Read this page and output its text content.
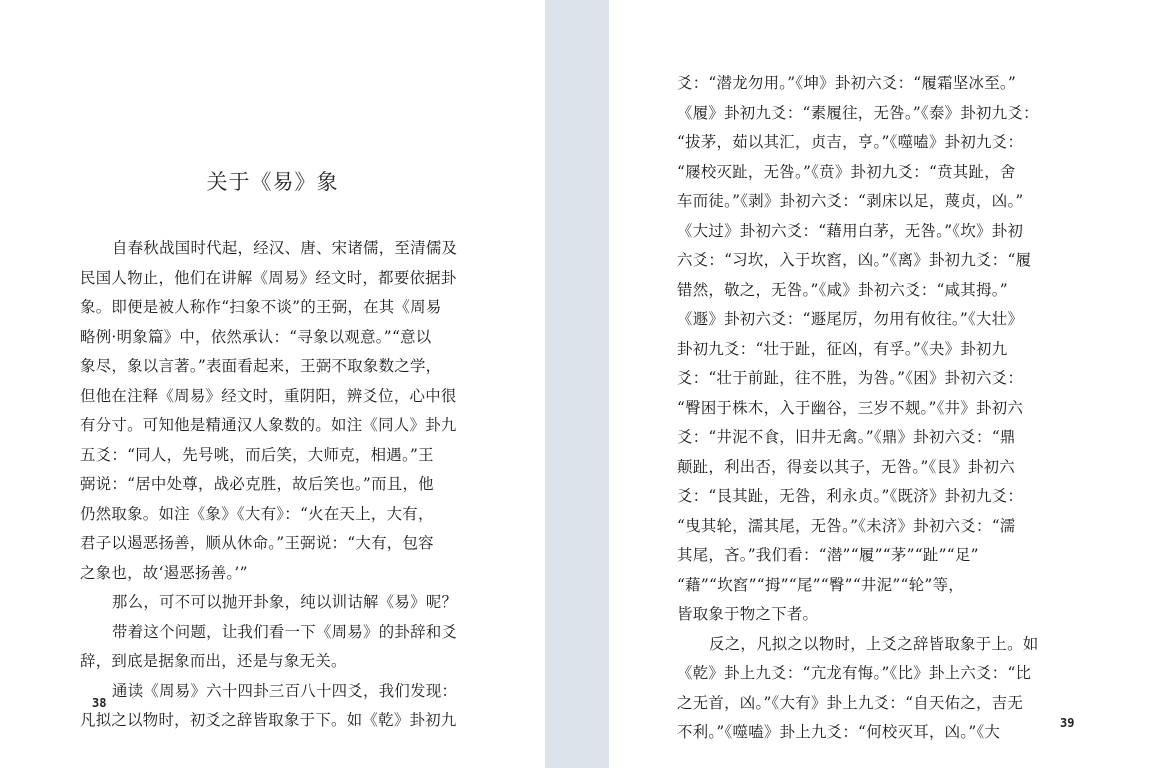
关于《易》象
自春秋战国时代起，经汉、唐、宋诸儒，至清儒及
民国人物止，他们在讲解《周易》经文时，都要依据卦
象。即便是被人称作“扫象不谈”的王弼，在其《周易
略例·明象篇》中，依然承认：“寻象以观意。”“意以
象尽，象以言著。”表面看起来，王弼不取象数之学，
但他在注释《周易》经文时，重阴阳，辨爻位，心中很
有分寸。可知他是精通汉人象数的。如注《同人》卦九
五爻：“同人，先号咷，而后笑，大师克，相遇。”王
弼说：“居中处尊，战必克胜，故后笑也。”而且，他
仍然取象。如注《象》《大有》：“火在天上，大有，
君子以遏恶扬善，顺从休命。”王弼说：“大有，包容
之象也，故‘遏恶扬善。’”
那么，可不可以抛开卦象，纯以训诂解《易》呢？
带着这个问题，让我们看一下《周易》的卦辞和爻
辞，到底是据象而出，还是与象无关。
通读《周易》六十四卦三百八十四爻，我们发现：
凡拟之以物时，初爻之辞皆取象于下。如《乾》卦初九
38
爻：“潜龙勿用。”《坤》卦初六爻：“履霜坚冰至。”
《履》卦初九爻：“素履往，无咎。”《泰》卦初九爻：
“拔茅，茹以其汇，贞吉，亨。”《噬嗑》卦初九爻：
“屦校灭趾，无咎。”《贲》卦初九爻：“贲其趾，舍
车而徒。”《剥》卦初六爻：“剥床以足，蔑贞，凶。”
《大过》卦初六爻：“藉用白茅，无咎。”《坎》卦初
六爻：“习坎，入于坎窞，凶。”《离》卦初九爻：“履
错然，敬之，无咎。”《咸》卦初六爻：“咸其拇。”
《遯》卦初六爻：“遯尾厉，勿用有攸往。”《大壮》
卦初九爻：“壮于趾，征凶，有孚。”《夬》卦初九
爻：“壮于前趾，往不胜，为咎。”《困》卦初六爻：
“臀困于株木，入于幽谷，三岁不觌。”《井》卦初六
爻：“井泥不食，旧井无禽。”《鼎》卦初六爻：“鼎
颠趾，利出否，得妾以其子，无咎。”《艮》卦初六
爻：“艮其趾，无咎，利永贞。”《既济》卦初九爻：
“曳其轮，濡其尾，无咎。”《未济》卦初六爻：“濡
其尾，吝。”我们看：“潜”“履”“茅”“趾”“足”
“藉”“坎窞”“拇”“尾”“臀”“井泥”“轮”等，
皆取象于物之下者。
反之，凡拟之以物时，上爻之辞皆取象于上。如
《乾》卦上九爻：“亢龙有悔。”《比》卦上六爻：“比
之无首，凶。”《大有》卦上九爻：“自天佑之，吉无
不利。”《噬嗑》卦上九爻：“何校灭耳，凶。”《大	39
